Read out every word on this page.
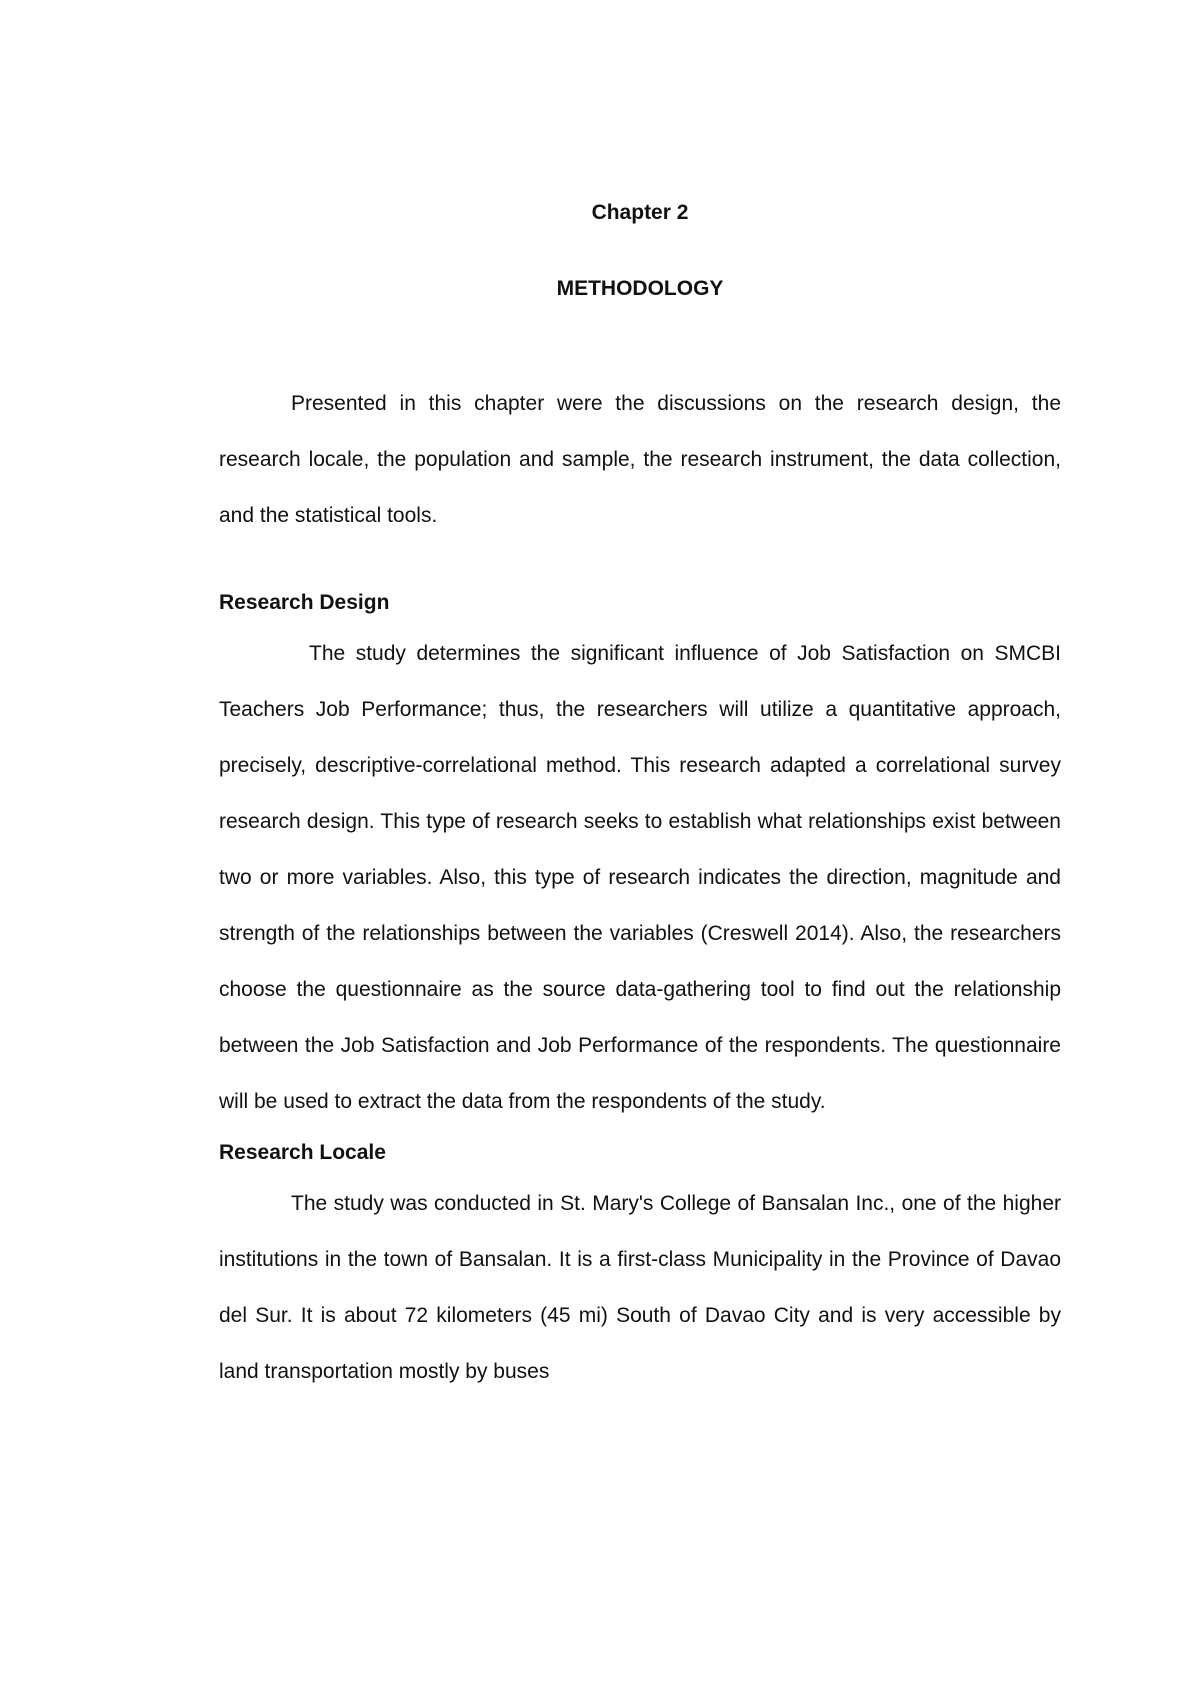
Chapter 2
METHODOLOGY

Presented in this chapter were the discussions on the research design, the research locale, the population and sample, the research instrument, the data collection, and the statistical tools.

Research Design

The study determines the significant influence of Job Satisfaction on SMCBI Teachers Job Performance; thus, the researchers will utilize a quantitative approach, precisely, descriptive-correlational method. This research adapted a correlational survey research design. This type of research seeks to establish what relationships exist between two or more variables. Also, this type of research indicates the direction, magnitude and strength of the relationships between the variables (Creswell 2014). Also, the researchers choose the questionnaire as the source data-gathering tool to find out the relationship between the Job Satisfaction and Job Performance of the respondents. The questionnaire will be used to extract the data from the respondents of the study.

Research Locale

The study was conducted in St. Mary's College of Bansalan Inc., one of the higher institutions in the town of Bansalan. It is a first-class Municipality in the Province of Davao del Sur. It is about 72 kilometers (45 mi) South of Davao City and is very accessible by land transportation mostly by buses
